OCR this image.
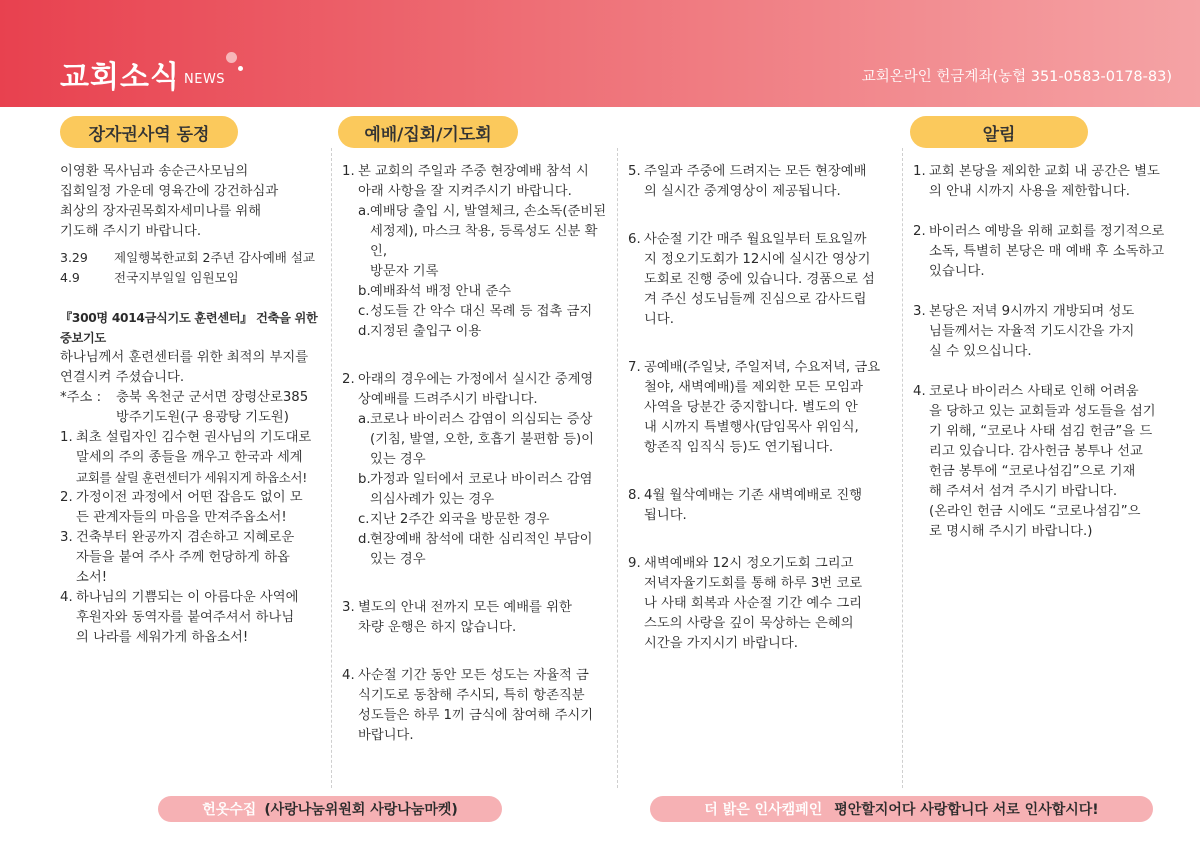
교회소식 NEWS	교회온라인 헌금계좌(농협 351-0583-0178-83)
장자권사역 동정	예배/집회/기도회	알림

이영환 목사님과 송순근사모님의

집회일정 가운데 영육간에 강건하심과

최상의 장자권목회자세미나를 위해

기도해 주시기 바랍니다.

3.29	제일행복한교회 2주년 감사예배 설교
4.9	전국지부일일 임원모임

『300명 4014금식기도 훈련센터』 건축을 위한 중보기도

하나님께서 훈련센터를 위한 최적의 부지를

연결시켜 주셨습니다.

*주소 :	충북 옥천군 군서면 장령산로385

방주기도원(구 용광탕 기도원)

1. 최초 설립자인 김수현 권사님의 기도대로

말세의 주의 종들을 깨우고 한국과 세계

교회를 살릴 훈련센터가 세워지게 하옵소서!

2. 가정이전 과정에서 어떤 잡음도 없이 모

든 관계자들의 마음을 만져주옵소서!

3. 건축부터 완공까지 겸손하고 지혜로운

자들을 붙여 주사 주께 헌당하게 하옵

소서!

4. 하나님의 기쁨되는 이 아름다운 사역에

후원자와 동역자를 붙여주셔서 하나님

의 나라를 세워가게 하옵소서!

1. 본 교회의 주일과 주중 현장예배 참석 시

아래 사항을 잘 지켜주시기 바랍니다.

a. 예배당 출입 시, 발열체크, 손소독(준비된

세정제), 마스크 착용, 등록성도 신분 확인,

방문자 기록

b. 예배좌석 배정 안내 준수

c. 성도들 간 악수 대신 목례 등 접촉 금지

d. 지정된 출입구 이용

2. 아래의 경우에는 가정에서 실시간 중계영

상예배를 드려주시기 바랍니다.

a. 코로나 바이러스 감염이 의심되는 증상

(기침, 발열, 오한, 호흡기 불편함 등)이

있는 경우

b. 가정과 일터에서 코로나 바이러스 감염

의심사례가 있는 경우

c. 지난 2주간 외국을 방문한 경우

d. 현장예배 참석에 대한 심리적인 부담이

있는 경우

3. 별도의 안내 전까지 모든 예배를 위한

차량 운행은 하지 않습니다.

4. 사순절 기간 동안 모든 성도는 자율적 금

식기도로 동참해 주시되, 특히 항존직분

성도들은 하루 1끼 금식에 참여해 주시기

바랍니다.

5. 주일과 주중에 드려지는 모든 현장예배

의 실시간 중계영상이 제공됩니다.

6. 사순절 기간 매주 월요일부터 토요일까

지 정오기도회가 12시에 실시간 영상기

도회로 진행 중에 있습니다. 경품으로 섬

겨 주신 성도님들께 진심으로 감사드립

니다.

7. 공예배(주일낮, 주일저녁, 수요저녁, 금요

철야, 새벽예배)를 제외한 모든 모임과

사역을 당분간 중지합니다. 별도의 안

내 시까지 특별행사(담임목사 위임식,

항존직 임직식 등)도 연기됩니다.

8. 4월 월삭예배는 기존 새벽예배로 진행

됩니다.

9. 새벽예배와 12시 정오기도회 그리고

저녁자율기도회를 통해 하루 3번 코로

나 사태 회복과 사순절 기간 예수 그리

스도의 사랑을 깊이 묵상하는 은혜의

시간을 가지시기 바랍니다.

1. 교회 본당을 제외한 교회 내 공간은 별도

의 안내 시까지 사용을 제한합니다.

2. 바이러스 예방을 위해 교회를 정기적으로

소독, 특별히 본당은 매 예배 후 소독하고

있습니다.

3. 본당은 저녁 9시까지 개방되며 성도

님들께서는 자율적 기도시간을 가지

실 수 있으십니다.

4. 코로나 바이러스 사태로 인해 어려움

을 당하고 있는 교회들과 성도들을 섬기

기 위해, “코로나 사태 섬김 헌금”을 드

리고 있습니다. 감사헌금 봉투나 선교

헌금 봉투에 “코로나섬김”으로 기재

해 주셔서 섬겨 주시기 바랍니다.

(온라인 헌금 시에도 “코로나섬김”으

로 명시해 주시기 바랍니다.)

헌옷수집 (사랑나눔위원회 사랑나눔마켓)	더 밝은 인사캠페인 평안할지어다 사랑합니다 서로 인사합시다!
